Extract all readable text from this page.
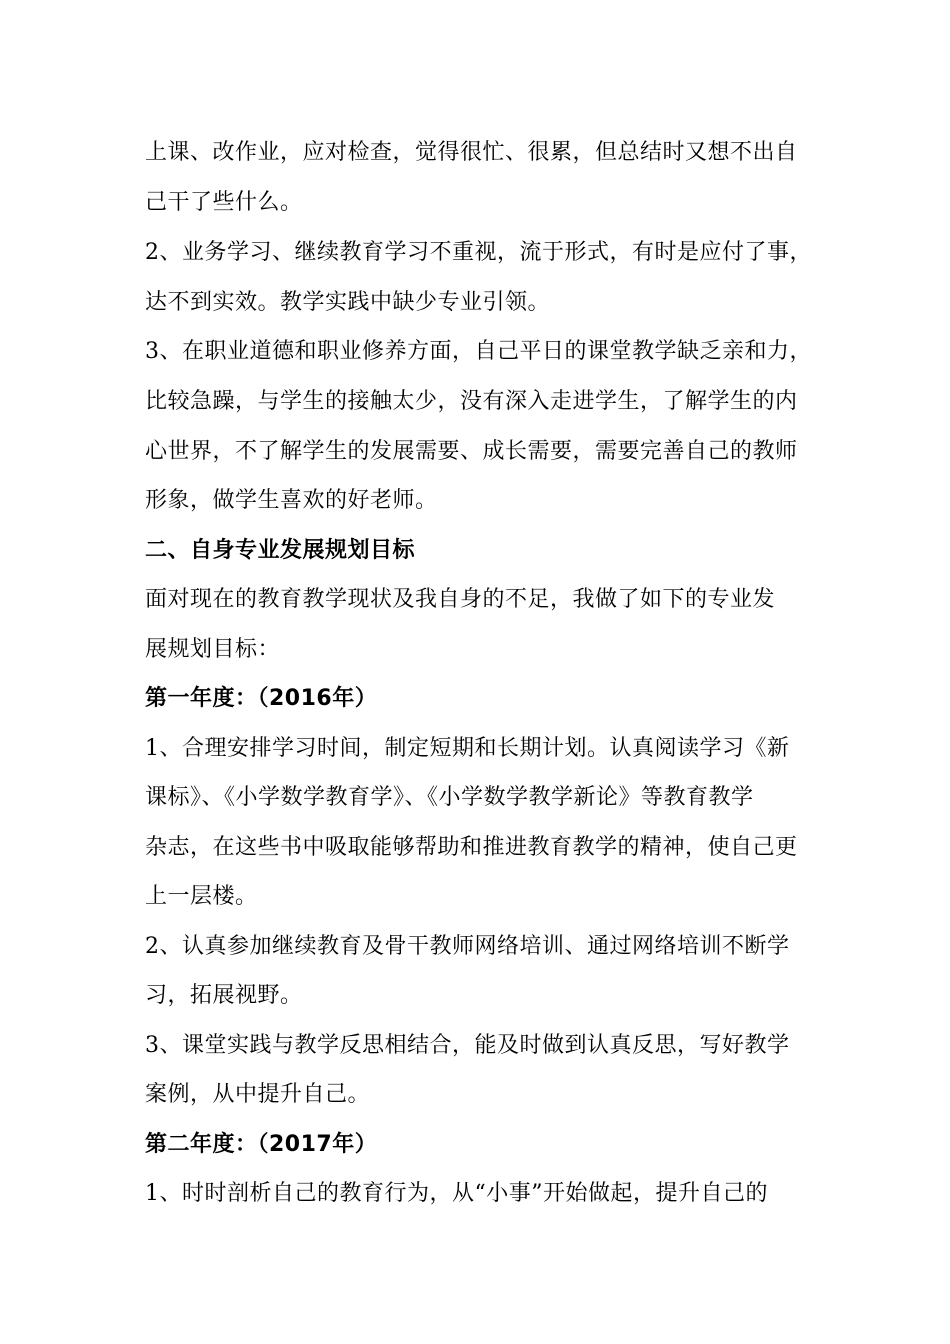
上课、改作业，应对检查，觉得很忙、很累，但总结时又想不出自
己干了些什么。
2、业务学习、继续教育学习不重视，流于形式，有时是应付了事，
达不到实效。教学实践中缺少专业引领。
3、在职业道德和职业修养方面，自己平日的课堂教学缺乏亲和力，
比较急躁，与学生的接触太少，没有深入走进学生，了解学生的内
心世界，不了解学生的发展需要、成长需要，需要完善自己的教师
形象，做学生喜欢的好老师。
二、自身专业发展规划目标
面对现在的教育教学现状及我自身的不足，我做了如下的专业发
展规划目标：
第一年度：（2016年）
1、合理安排学习时间，制定短期和长期计划。认真阅读学习《新
课标》、《小学数学教育学》、《小学数学教学新论》等教育教学
杂志，在这些书中吸取能够帮助和推进教育教学的精神，使自己更
上一层楼。
2、认真参加继续教育及骨干教师网络培训、通过网络培训不断学
习，拓展视野。
3、课堂实践与教学反思相结合，能及时做到认真反思，写好教学
案例，从中提升自己。
第二年度：（2017年）
1、时时剖析自己的教育行为，从“小事”开始做起，提升自己的
